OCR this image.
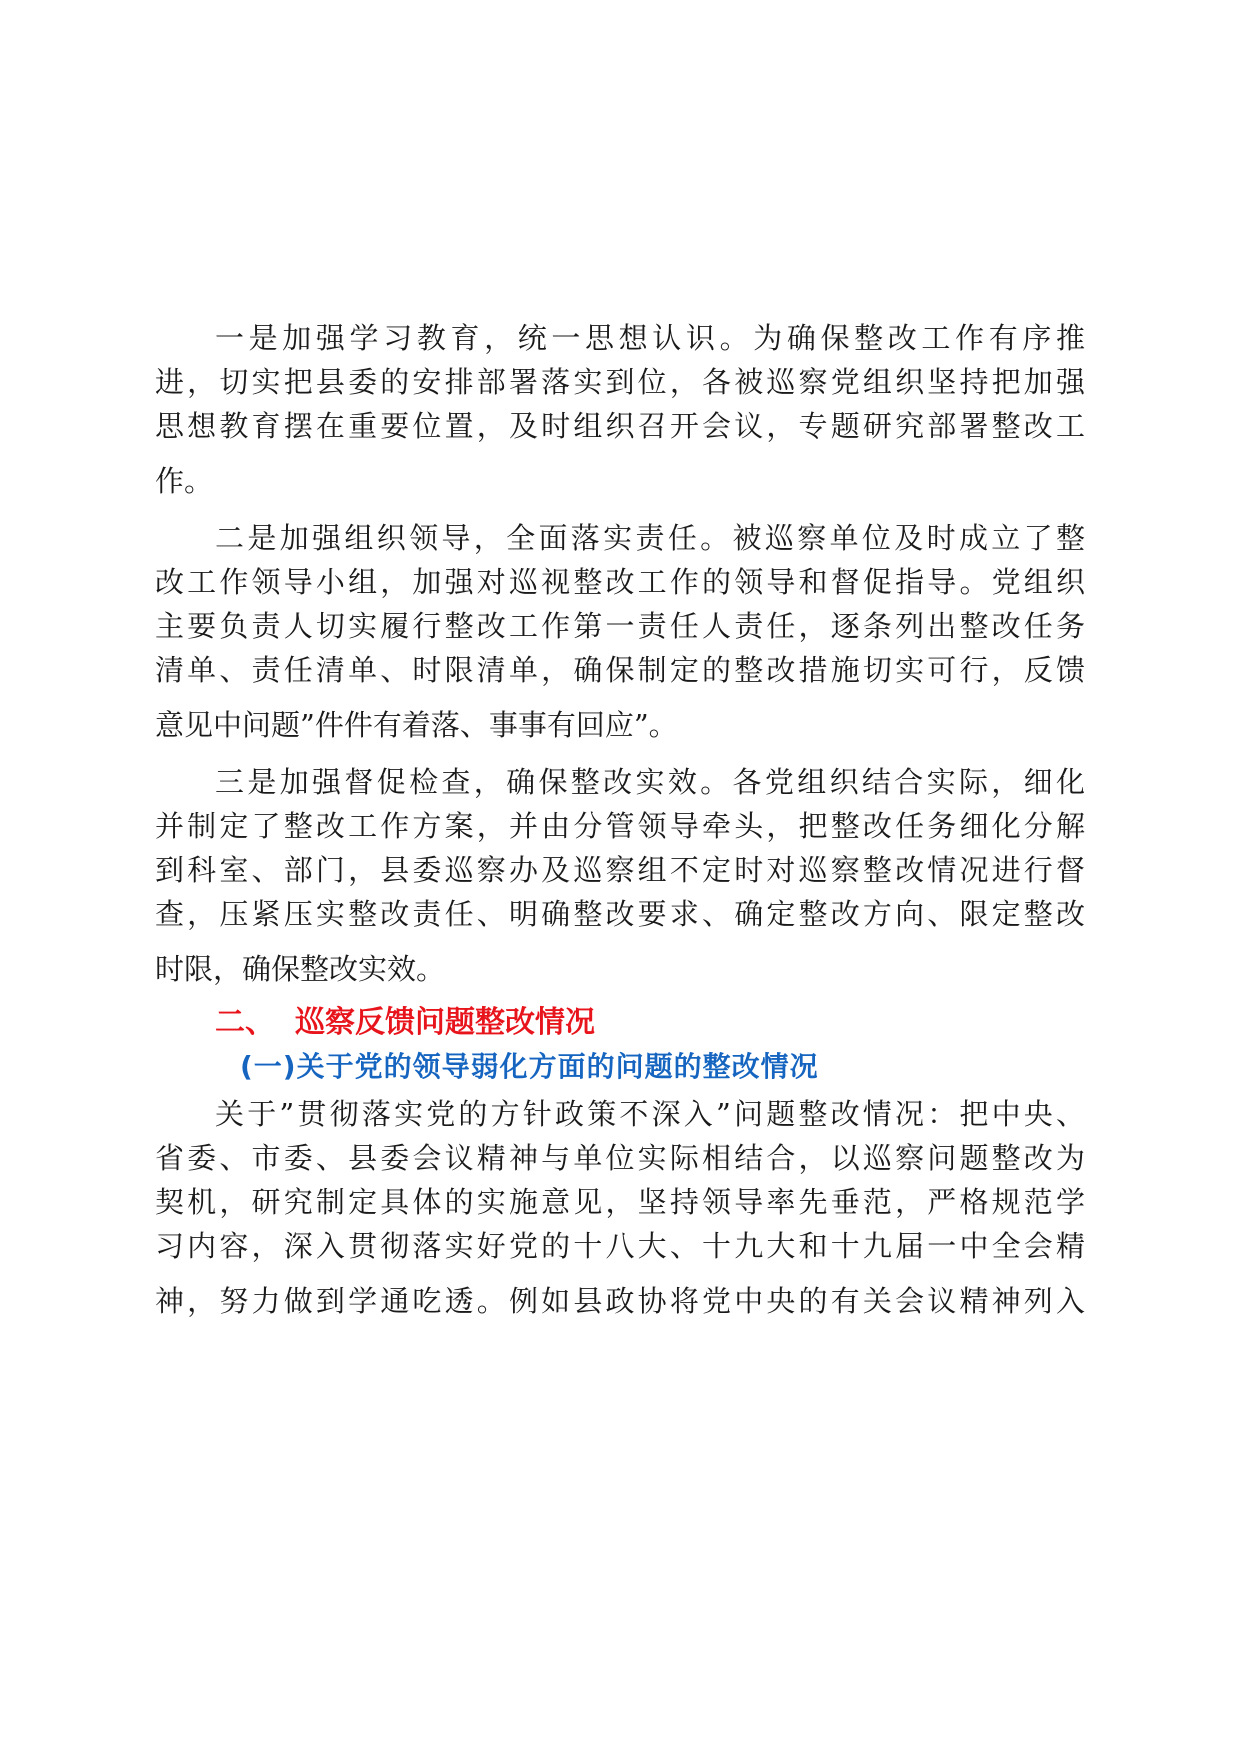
一是加强学习教育，统一思想认识。为确保整改工作有序推
进，切实把县委的安排部署落实到位，各被巡察党组织坚持把加强
思想教育摆在重要位置，及时组织召开会议，专题研究部署整改工
作。
二是加强组织领导，全面落实责任。被巡察单位及时成立了整
改工作领导小组，加强对巡视整改工作的领导和督促指导。党组织
主要负责人切实履行整改工作第一责任人责任，逐条列出整改任务
清单、责任清单、时限清单，确保制定的整改措施切实可行，反馈
意见中问题”件件有着落、事事有回应”。
三是加强督促检查，确保整改实效。各党组织结合实际，细化
并制定了整改工作方案，并由分管领导牵头，把整改任务细化分解
到科室、部门，县委巡察办及巡察组不定时对巡察整改情况进行督
查，压紧压实整改责任、明确整改要求、确定整改方向、限定整改
时限，确保整改实效。
二、 巡察反馈问题整改情况
(一)关于党的领导弱化方面的问题的整改情况
关于”贯彻落实党的方针政策不深入”问题整改情况：把中央、
省委、市委、县委会议精神与单位实际相结合，以巡察问题整改为
契机，研究制定具体的实施意见，坚持领导率先垂范，严格规范学
习内容，深入贯彻落实好党的十八大、十九大和十九届一中全会精
神，努力做到学通吃透。例如县政协将党中央的有关会议精神列入
